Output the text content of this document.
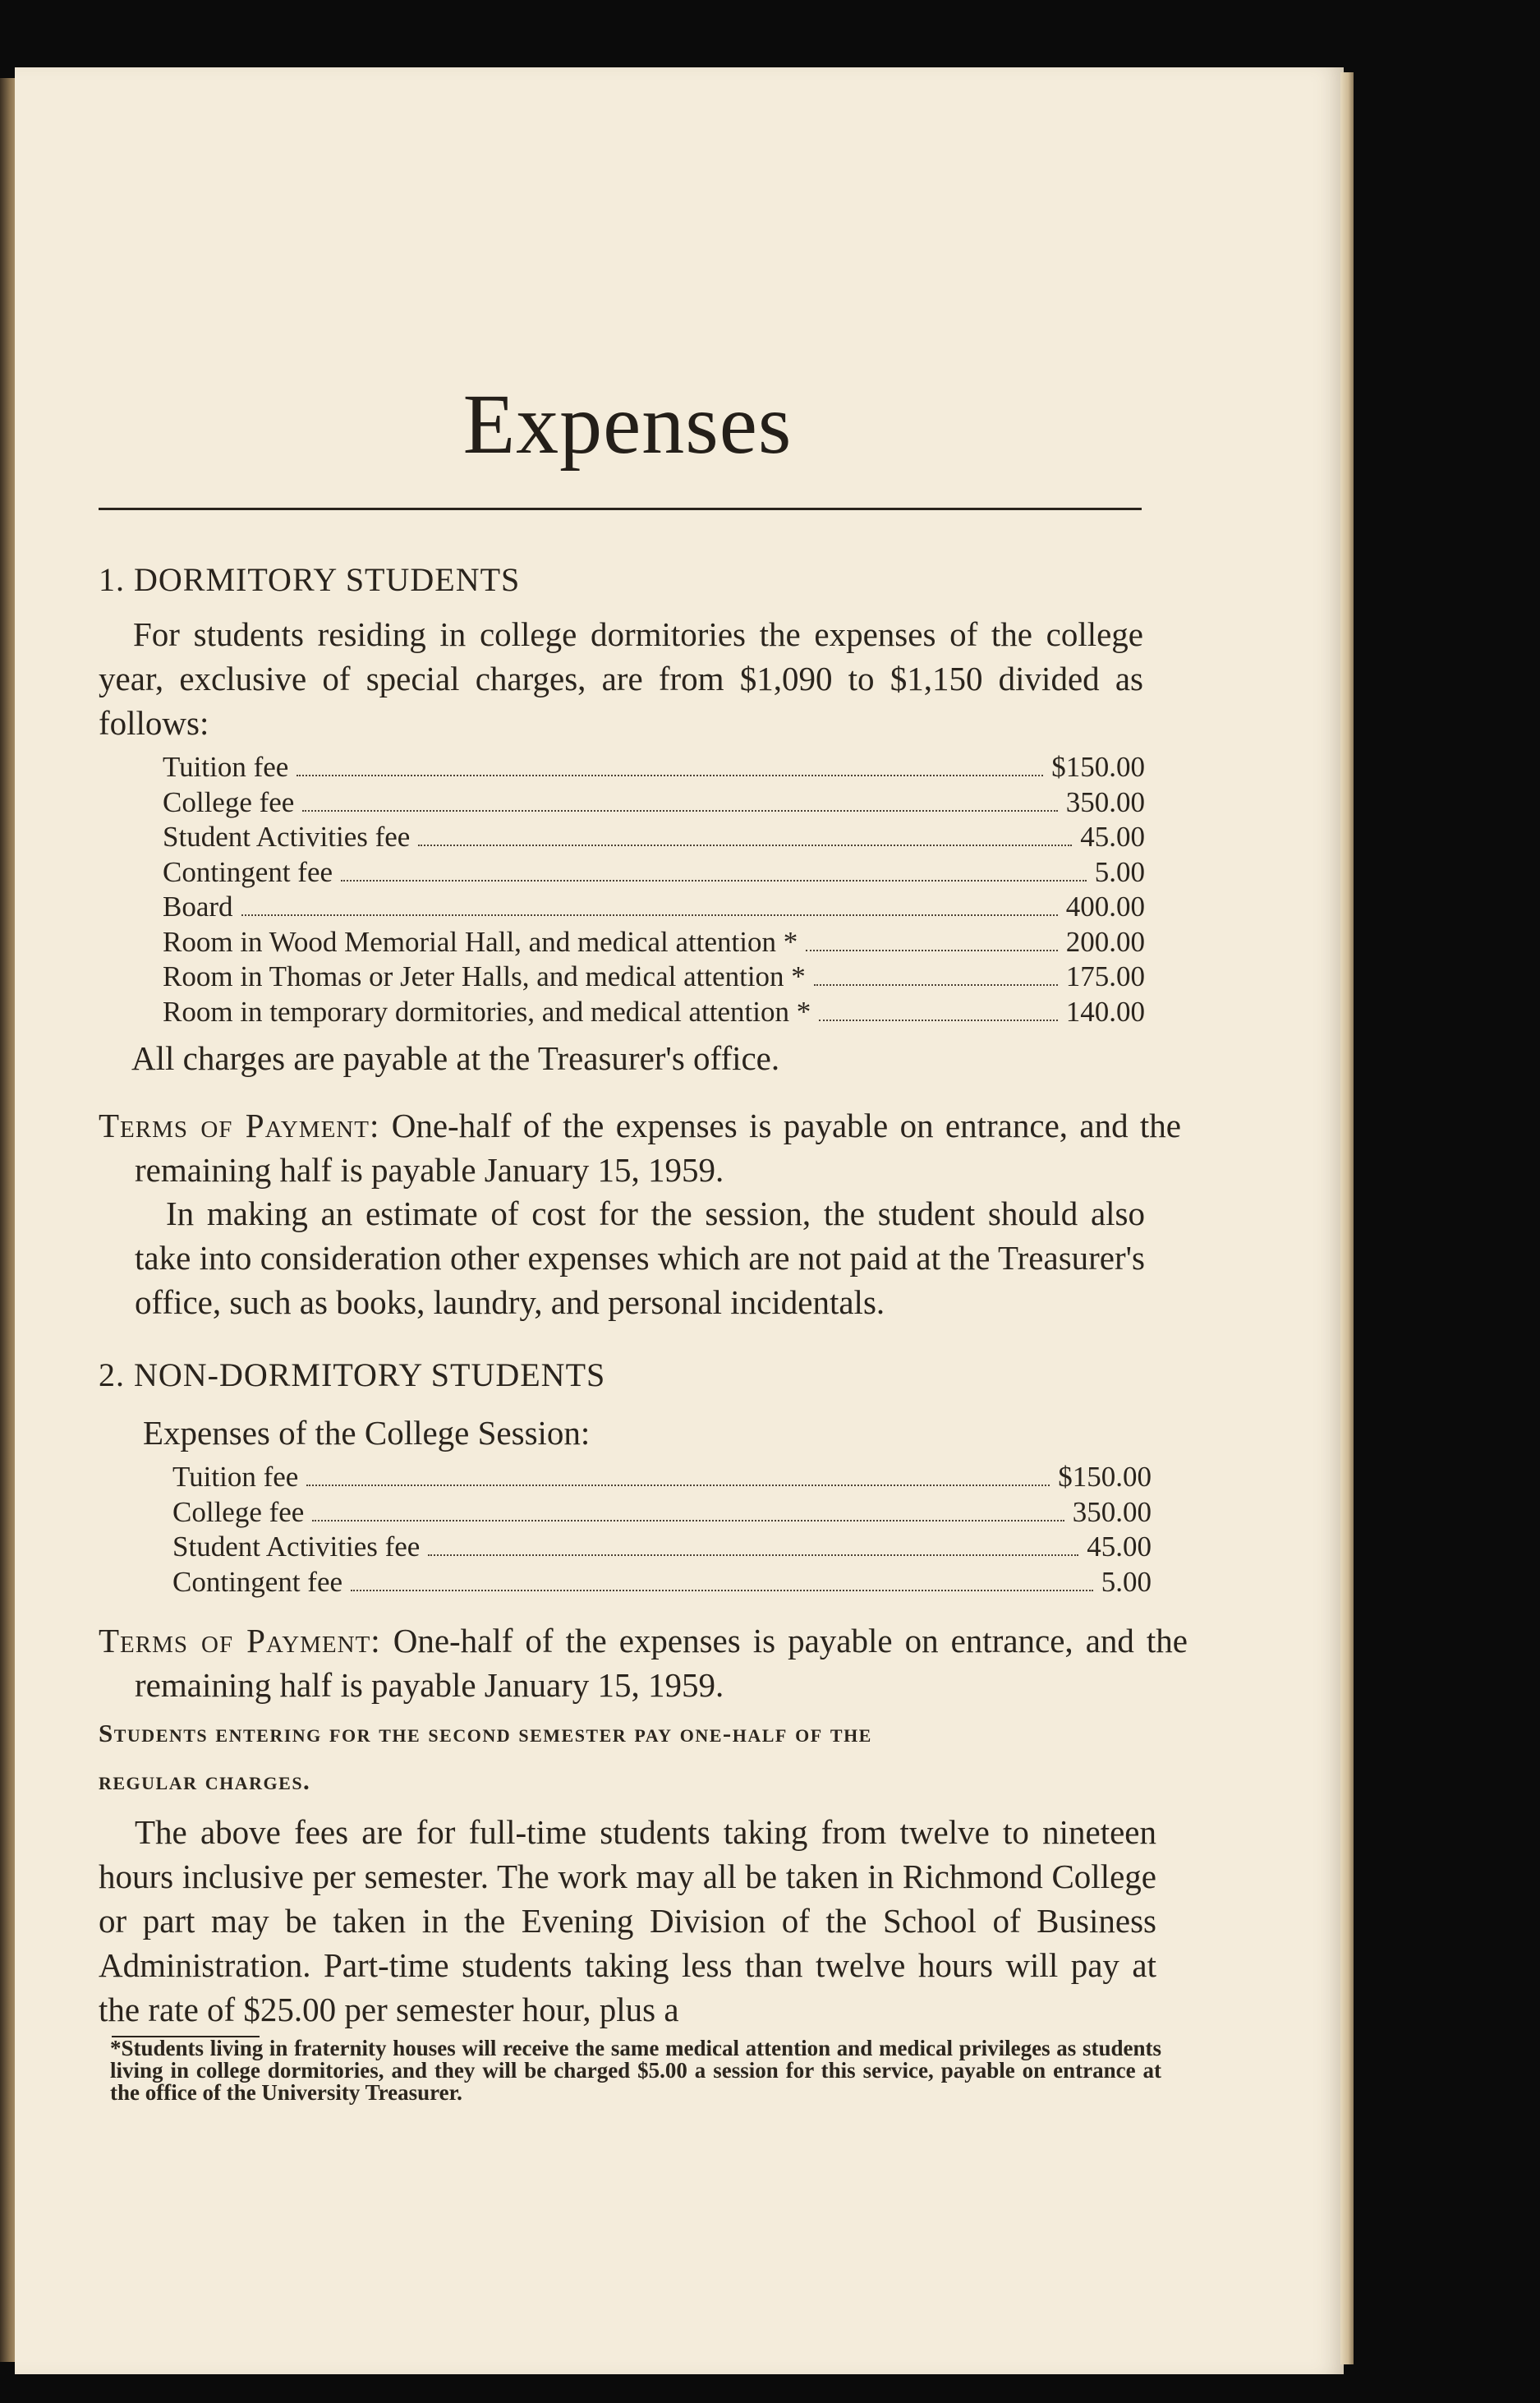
Expenses
1. DORMITORY STUDENTS
For students residing in college dormitories the expenses of the college year, exclusive of special charges, are from $1,090 to $1,150 divided as follows:
Tuition fee	$150.00
College fee	350.00
Student Activities fee	45.00
Contingent fee	5.00
Board	400.00
Room in Wood Memorial Hall, and medical attention *	200.00
Room in Thomas or Jeter Halls, and medical attention *	175.00
Room in temporary dormitories, and medical attention *	140.00
All charges are payable at the Treasurer's office.
Terms of Payment: One-half of the expenses is payable on entrance, and the remaining half is payable January 15, 1959.
In making an estimate of cost for the session, the student should also take into consideration other expenses which are not paid at the Treasurer's office, such as books, laundry, and personal incidentals.
2. NON-DORMITORY STUDENTS
Expenses of the College Session:
Tuition fee	$150.00
College fee	350.00
Student Activities fee	45.00
Contingent fee	5.00
Terms of Payment: One-half of the expenses is payable on entrance, and the remaining half is payable January 15, 1959.
Students entering for the second semester pay one-half of the
regular charges.
The above fees are for full-time students taking from twelve to nineteen hours inclusive per semester. The work may all be taken in Richmond College or part may be taken in the Evening Division of the School of Business Administration. Part-time students taking less than twelve hours will pay at the rate of $25.00 per semester hour, plus a
*Students living in fraternity houses will receive the same medical attention and medical privileges as students living in college dormitories, and they will be charged $5.00 a session for this service, payable on entrance at the office of the University Treasurer.
